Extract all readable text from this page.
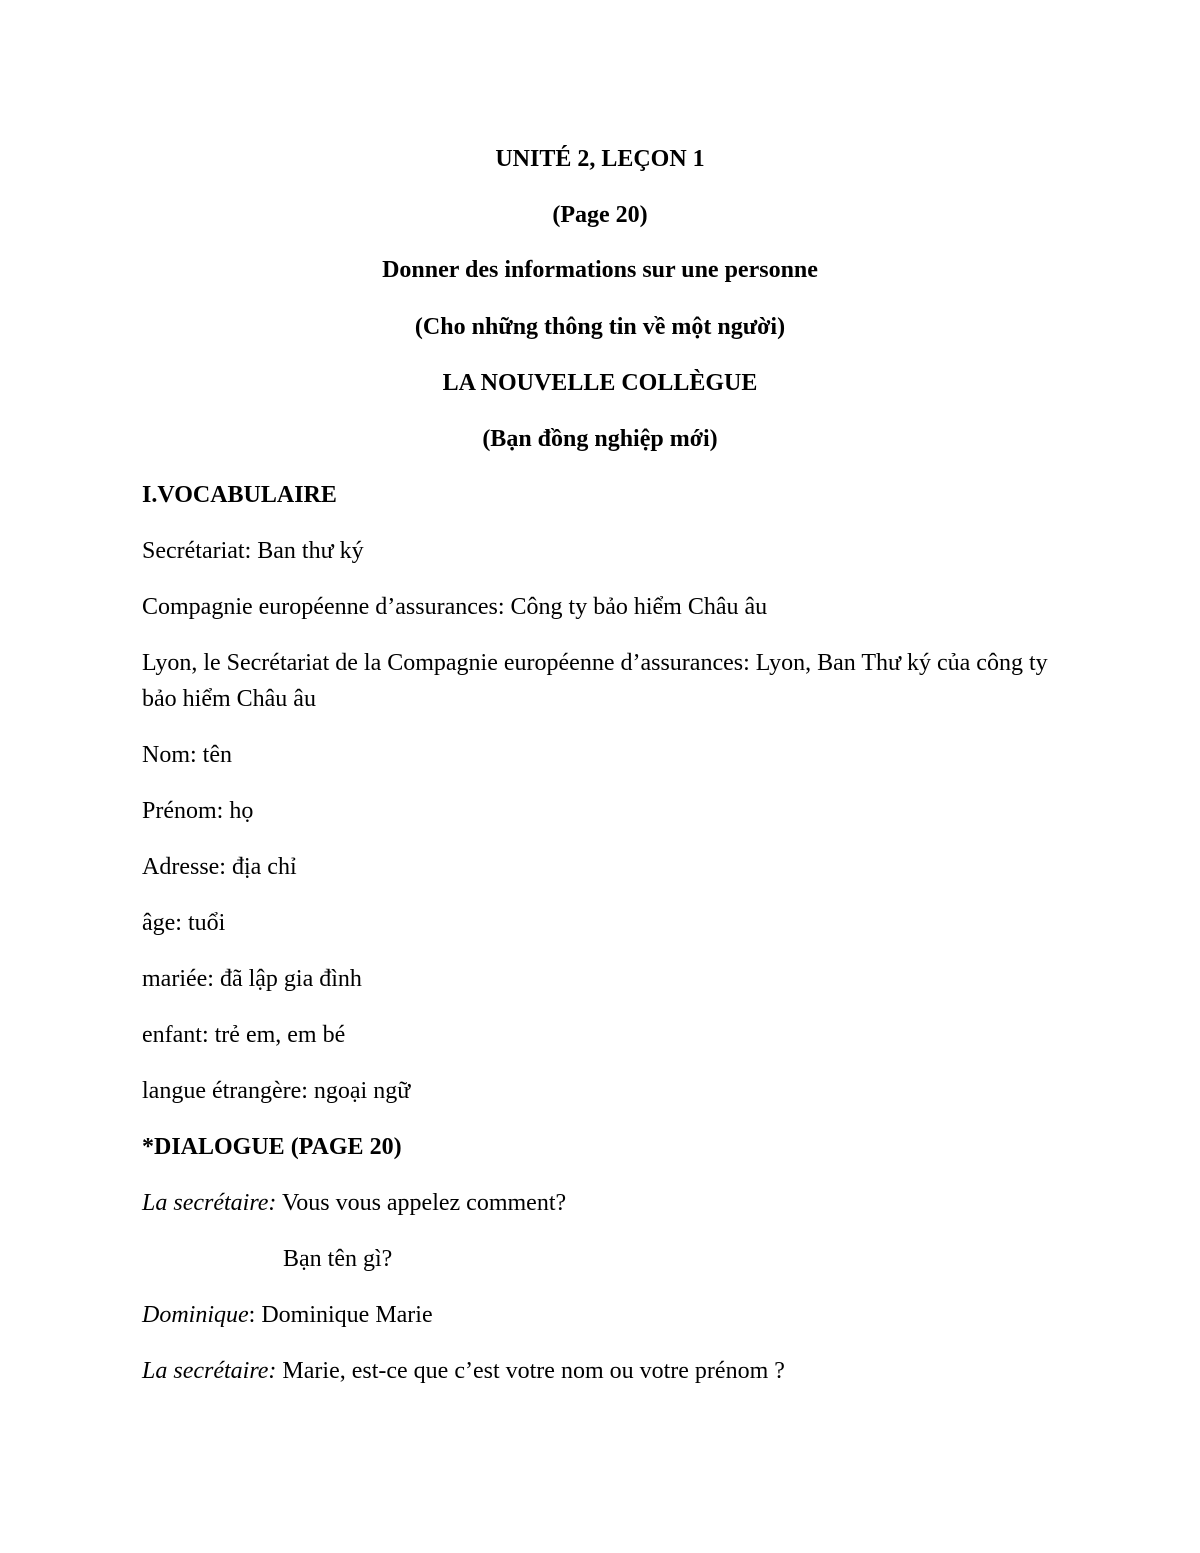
UNITÉ 2, LEÇON 1
(Page 20)
Donner des informations sur une personne
(Cho những thông tin về một người)
LA NOUVELLE COLLÈGUE
(Bạn đồng nghiệp mới)
I.VOCABULAIRE
Secrétariat: Ban thư ký
Compagnie européenne d’assurances: Công ty bảo hiểm Châu âu
Lyon, le Secrétariat de la Compagnie européenne d’assurances: Lyon, Ban Thư ký của công ty bảo hiểm Châu âu
Nom: tên
Prénom: họ
Adresse: địa chỉ
âge: tuổi
mariée: đã lập gia đình
enfant: trẻ em, em bé
langue étrangère: ngoại ngữ
*DIALOGUE (PAGE 20)
La secrétaire: Vous vous appelez comment?
Bạn tên gì?
Dominique: Dominique Marie
La secrétaire: Marie, est-ce que c’est votre nom ou votre prénom ?
